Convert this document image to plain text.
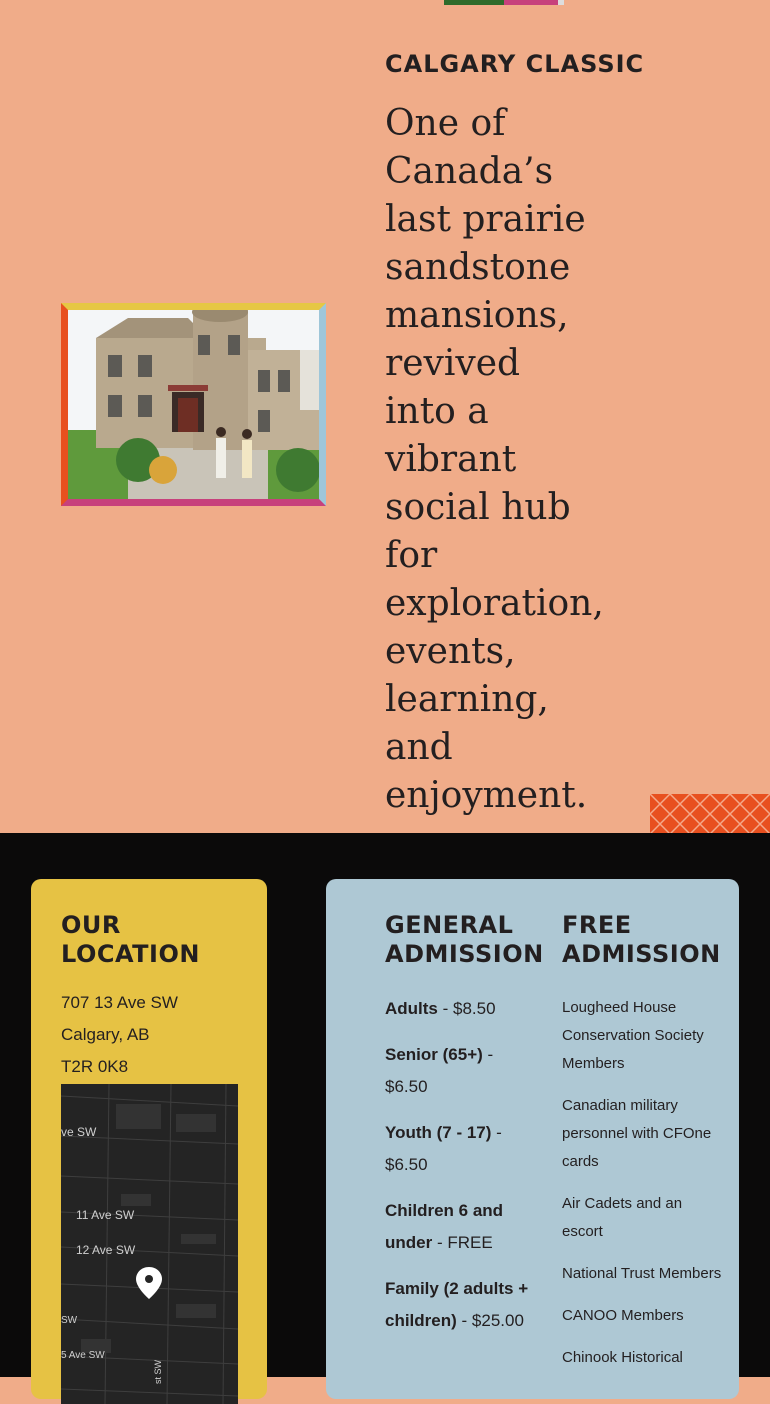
CALGARY CLASSIC
One of Canada’s last prairie sandstone mansions, revived into a vibrant social hub for exploration, events, learning, and enjoyment.
OUR LOCATION
707 13 Ave SW
Calgary, AB
T2R 0K8
ve SW
11 Ave SW
12 Ave SW
SW
5 Ave SW
st SW
GENERAL ADMISSION
Adults - $8.50
Senior (65+) - $6.50
Youth (7 - 17) - $6.50
Children 6 and under - FREE
Family (2 adults + children) - $25.00
FREE ADMISSION
Lougheed House Conservation Society Members
Canadian military personnel with CFOne cards
Air Cadets and an escort
National Trust Members
CANOO Members
Chinook Historical
